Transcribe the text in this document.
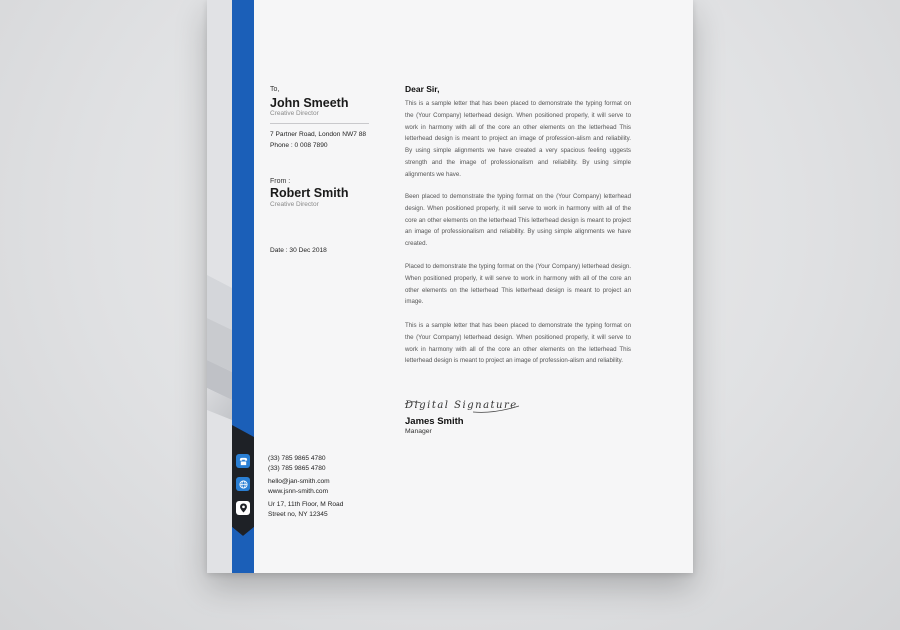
To,
John Smeeth
Creative Director
7 Partner Road, London NW7 88
Phone : 0 008 7890
From :
Robert Smith
Creative Director
Date : 30 Dec 2018
(33) 785 9865 4780
(33) 785 9865 4780
hello@jan-smith.com
www.jsnn-smith.com
Ur 17, 11th Floor, M Road
Street no, NY 12345
Dear Sir,
This is a sample letter that has been placed to demonstrate the typing format on the (Your Company) letterhead design. When positioned properly, it will serve to work in harmony with all of the core an other elements on the letterhead This letterhead design is meant to project an image of profession-alism and reliability. By using simple alignments we have created a very spacious feeling uggests strength and the image of professionalism and reliability. By using simple alignments we have.
Been placed to demonstrate the typing format on the (Your Company) letterhead design. When positioned properly, it will serve to work in harmony with all of the core an other elements on the letterhead This letterhead design is meant to project an image of professionalism and reliability. By using simple alignments we have created.
Placed to demonstrate the typing format on the (Your Company) letterhead design. When positioned properly, it will serve to work in harmony with all of the core an other elements on the letterhead This letterhead design is meant to project an image.
This is a sample letter that has been placed to demonstrate the typing format on the (Your Company) letterhead design. When positioned properly, it will serve to work in harmony with all of the core an other elements on the letterhead This letterhead design is meant to project an image of profession-alism and reliability.
Digital Signature
James Smith
Manager
